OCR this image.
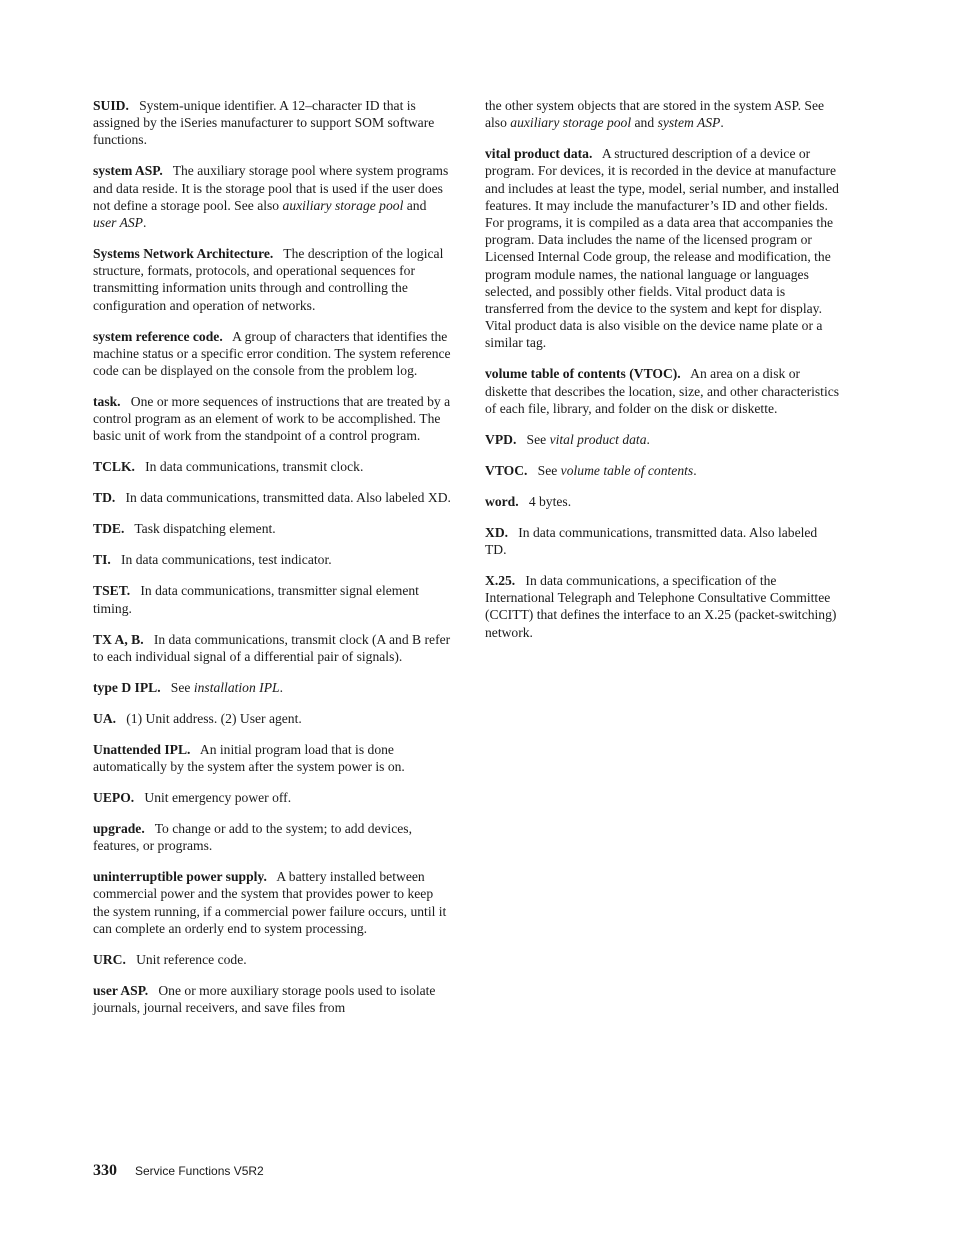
SUID. System-unique identifier. A 12–character ID that is assigned by the iSeries manufacturer to support SOM software functions.

system ASP. The auxiliary storage pool where system programs and data reside. It is the storage pool that is used if the user does not define a storage pool. See also auxiliary storage pool and user ASP.

Systems Network Architecture. The description of the logical structure, formats, protocols, and operational sequences for transmitting information units through and controlling the configuration and operation of networks.

system reference code. A group of characters that identifies the machine status or a specific error condition. The system reference code can be displayed on the console from the problem log.

task. One or more sequences of instructions that are treated by a control program as an element of work to be accomplished. The basic unit of work from the standpoint of a control program.

TCLK. In data communications, transmit clock.

TD. In data communications, transmitted data. Also labeled XD.

TDE. Task dispatching element.

TI. In data communications, test indicator.

TSET. In data communications, transmitter signal element timing.

TX A, B. In data communications, transmit clock (A and B refer to each individual signal of a differential pair of signals).

type D IPL. See installation IPL.

UA. (1) Unit address. (2) User agent.

Unattended IPL. An initial program load that is done automatically by the system after the system power is on.

UEPO. Unit emergency power off.

upgrade. To change or add to the system; to add devices, features, or programs.

uninterruptible power supply. A battery installed between commercial power and the system that provides power to keep the system running, if a commercial power failure occurs, until it can complete an orderly end to system processing.

URC. Unit reference code.

user ASP. One or more auxiliary storage pools used to isolate journals, journal receivers, and save files from

the other system objects that are stored in the system ASP. See also auxiliary storage pool and system ASP.

vital product data. A structured description of a device or program. For devices, it is recorded in the device at manufacture and includes at least the type, model, serial number, and installed features. It may include the manufacturer’s ID and other fields. For programs, it is compiled as a data area that accompanies the program. Data includes the name of the licensed program or Licensed Internal Code group, the release and modification, the program module names, the national language or languages selected, and possibly other fields. Vital product data is transferred from the device to the system and kept for display. Vital product data is also visible on the device name plate or a similar tag.

volume table of contents (VTOC). An area on a disk or diskette that describes the location, size, and other characteristics of each file, library, and folder on the disk or diskette.

VPD. See vital product data.

VTOC. See volume table of contents.

word. 4 bytes.

XD. In data communications, transmitted data. Also labeled TD.

X.25. In data communications, a specification of the International Telegraph and Telephone Consultative Committee (CCITT) that defines the interface to an X.25 (packet-switching) network.

330 Service Functions V5R2
